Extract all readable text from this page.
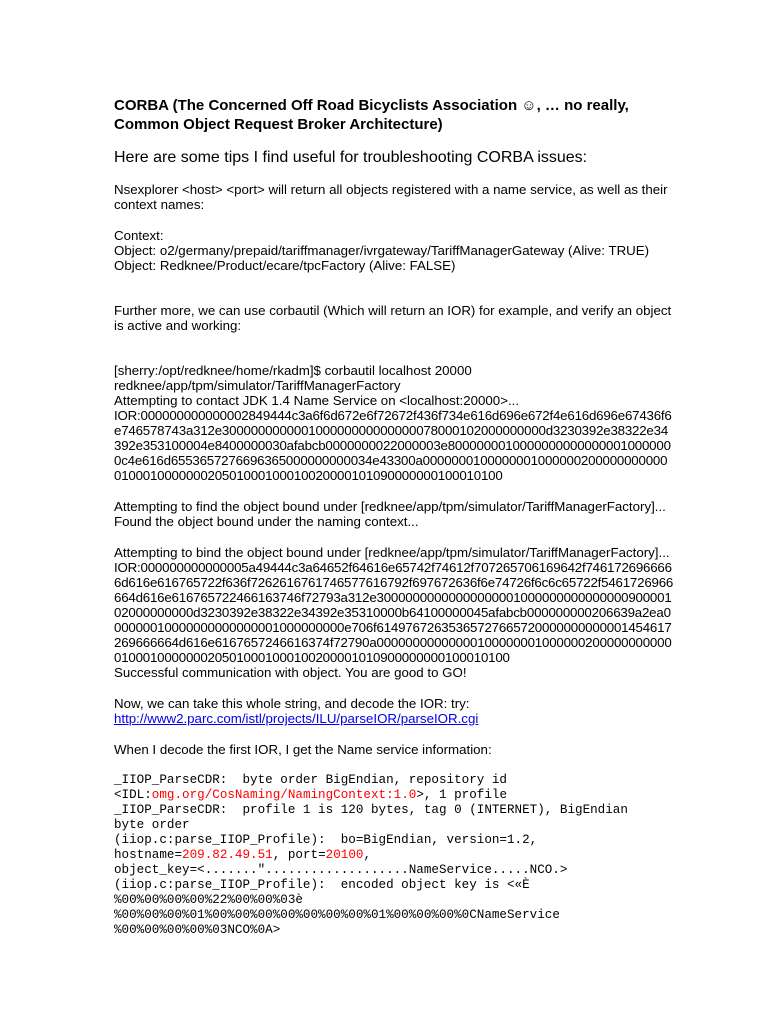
CORBA (The Concerned Off Road Bicyclists Association ☺, … no really,
Common Object Request Broker Architecture)
Here are some tips I find useful for troubleshooting CORBA issues:

Nsexplorer <host> <port> will return all objects registered with a name service, as well as their context names:

Context:

Object: o2/germany/prepaid/tariffmanager/ivrgateway/TariffManagerGateway (Alive: TRUE)

Object: Redknee/Product/ecare/tpcFactory (Alive: FALSE)

Further more, we can use corbautil (Which will return an IOR) for example, and verify an object is active and working:

[sherry:/opt/redknee/home/rkadm]$ corbautil localhost 20000

redknee/app/tpm/simulator/TariffManagerFactory

Attempting to contact JDK 1.4 Name Service on <localhost:20000>...

IOR:000000000000002849444c3a6f6d672e6f72672f436f734e616d696e672f4e616d696e67436f6e746578743a312e300000000000100000000000000078000102000000000d3230392e38322e34392e353100004e8400000030afabcb0000000022000003e80000000100000000000000010000000c4e616d6553657276696365000000000034e43300a0000000100000001000000200000000000010001000000020501000100010020000101090000000100010100

Attempting to find the object bound under [redknee/app/tpm/simulator/TariffManagerFactory]...

Found the object bound under the naming context...

Attempting to bind the object bound under [redknee/app/tpm/simulator/TariffManagerFactory]...

IOR:000000000000005a49444c3a64652f64616e65742f74612f707265706169642f7461726966666d616e616765722f636f7262616761746577616792f697672636f6e74726f6c6c65722f5461726966664d616e616765722466163746f72793a312e3000000000000000000100000000000000090000102000000000d3230392e38322e34392e35310000b64100000045afabcb000000000206639a2ea000000010000000000000001000000000e706f61497672635365727665720000000000001454617269666664d616e6167657246616374f72790a000000000000001000000010000002000000000000100010000000205010001000100200001010900000000100010100

Successful communication with object. You are good to GO!

Now, we can take this whole string, and decode the IOR: try:

http://www2.parc.com/istl/projects/ILU/parseIOR/parseIOR.cgi

When I decode the first IOR, I get the Name service information:

_IIOP_ParseCDR:  byte order BigEndian, repository id
<IDL:omg.org/CosNaming/NamingContext:1.0>, 1 profile
_IIOP_ParseCDR:  profile 1 is 120 bytes, tag 0 (INTERNET), BigEndian
byte order
(iiop.c:parse_IIOP_Profile):  bo=BigEndian, version=1.2,
hostname=209.82.49.51, port=20100,
object_key=<......."...................NameService.....NCO.>
(iiop.c:parse_IIOP_Profile):  encoded object key is <«È
%00%00%00%00%22%00%00%03è
%00%00%00%01%00%00%00%00%00%00%00%01%00%00%00%0CNameService
%00%00%00%00%03NCO%0A>
